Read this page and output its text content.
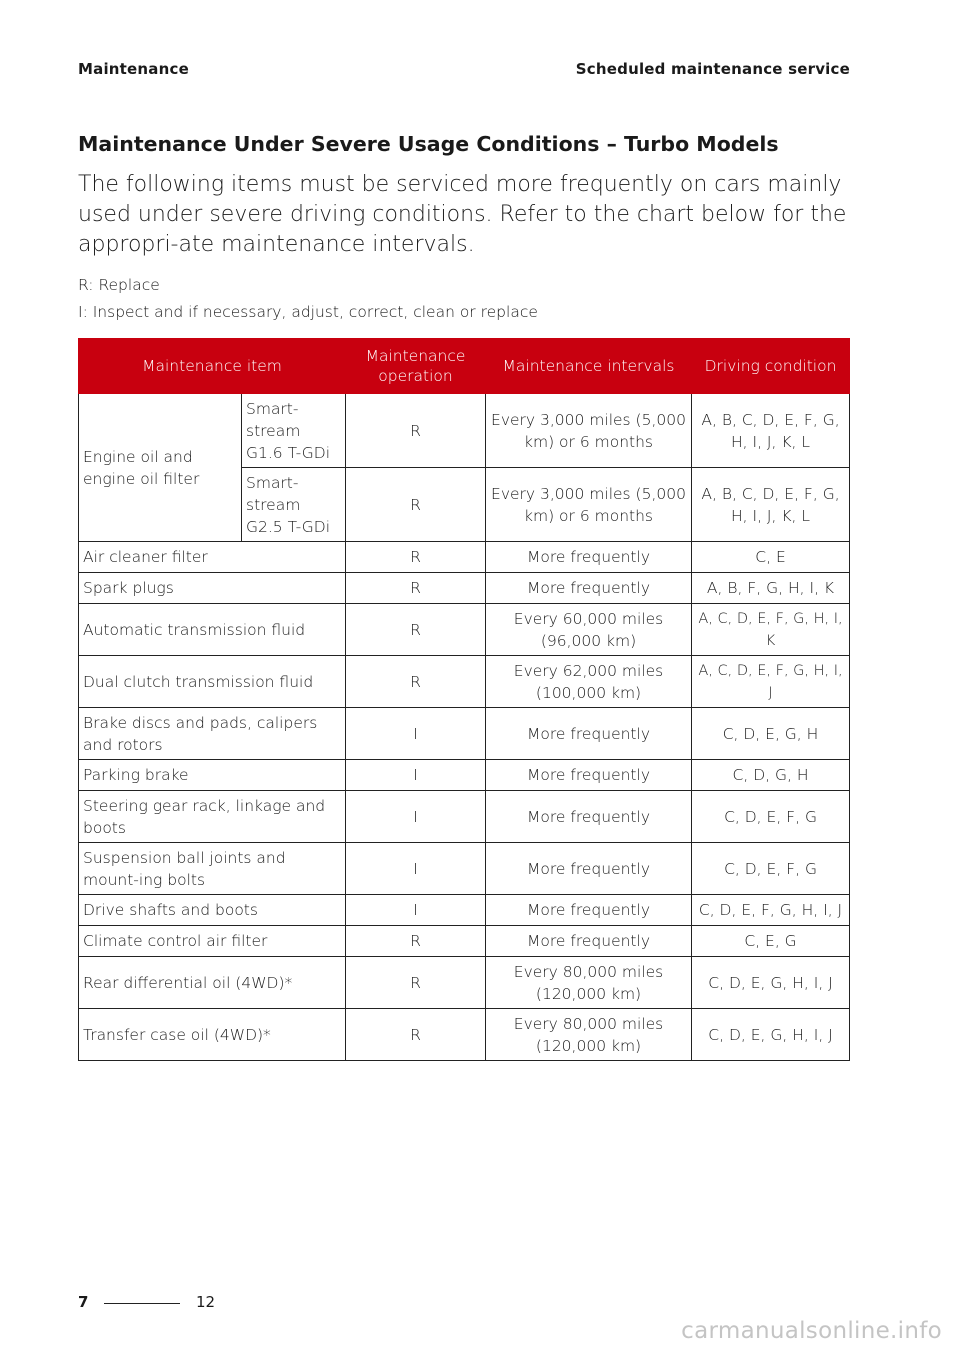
Maintenance	Scheduled maintenance service
Maintenance Under Severe Usage Conditions – Turbo Models
The following items must be serviced more frequently on cars mainly used under severe driving conditions. Refer to the chart below for the appropri-ate maintenance intervals.
R: Replace
I: Inspect and if necessary, adjust, correct, clean or replace
Maintenance item		Maintenance operation	Maintenance intervals	Driving condition
Engine oil and engine oil filter	Smart-stream G1.6 T-GDi	R	Every 3,000 miles (5,000 km) or 6 months	A, B, C, D, E, F, G, H, I, J, K, L
	Smart-stream G2.5 T-GDi	R	Every 3,000 miles (5,000 km) or 6 months	A, B, C, D, E, F, G, H, I, J, K, L
Air cleaner filter		R	More frequently	C, E
Spark plugs		R	More frequently	A, B, F, G, H, I, K
Automatic transmission fluid		R	Every 60,000 miles (96,000 km)	A, C, D, E, F, G, H, I, K
Dual clutch transmission fluid		R	Every 62,000 miles (100,000 km)	A, C, D, E, F, G, H, I, J
Brake discs and pads, calipers and rotors		I	More frequently	C, D, E, G, H
Parking brake		I	More frequently	C, D, G, H
Steering gear rack, linkage and boots		I	More frequently	C, D, E, F, G
Suspension ball joints and mount-ing bolts		I	More frequently	C, D, E, F, G
Drive shafts and boots		I	More frequently	C, D, E, F, G, H, I, J
Climate control air filter		R	More frequently	C, E, G
Rear differential oil (4WD)*		R	Every 80,000 miles (120,000 km)	C, D, E, G, H, I, J
Transfer case oil (4WD)*		R	Every 80,000 miles (120,000 km)	C, D, E, G, H, I, J
7	12
carmanualsonline.info
